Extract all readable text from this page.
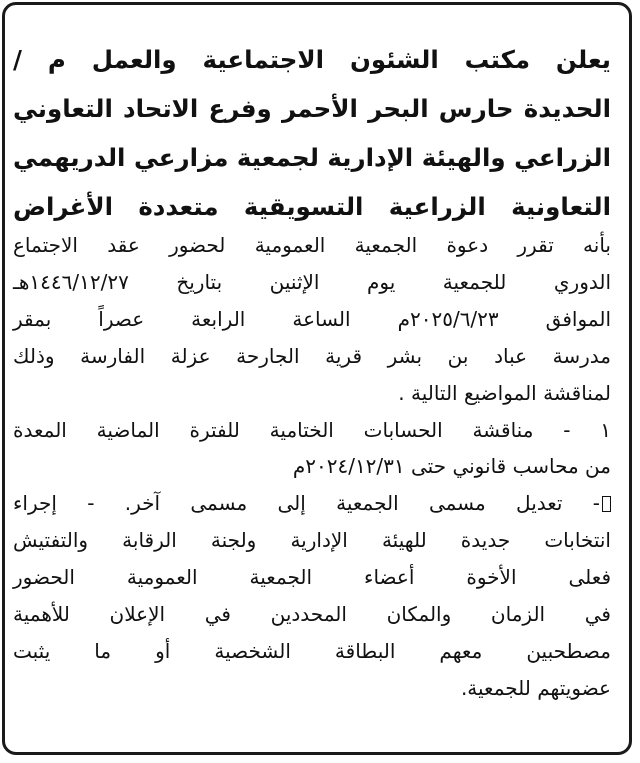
يعلن مكتب الشئون الاجتماعية والعمل م /
الحديدة حارس البحر الأحمر وفرع الاتحاد التعاوني
الزراعي والهيئة الإدارية لجمعية مزارعي الدريهمي
التعاونية الزراعية التسويقية متعددة الأغراض
بأنه تقرر دعوة الجمعية العمومية لحضور عقد الاجتماع
الدوري للجمعية يوم الإثنين بتاريخ ١٤٤٦/١٢/٢٧هـ
الموافق ٢٠٢٥/٦/٢٣م الساعة الرابعة عصراً بمقر
مدرسة عباد بن بشر قرية الجارحة عزلة الفارسة وذلك
لمناقشة المواضيع التالية .
١ - مناقشة الحسابات الختامية للفترة الماضية المعدة
من محاسب قانوني حتى ٢٠٢٤/١٢/٣١م
- تعديل مسمى الجمعية إلى مسمى آخر. - إجراء
انتخابات جديدة للهيئة الإدارية ولجنة الرقابة والتفتيش
فعلى الأخوة أعضاء الجمعية العمومية الحضور
في الزمان والمكان المحددين في الإعلان للأهمية
مصطحبين معهم البطاقة الشخصية أو ما يثبت
عضويتهم للجمعية.
